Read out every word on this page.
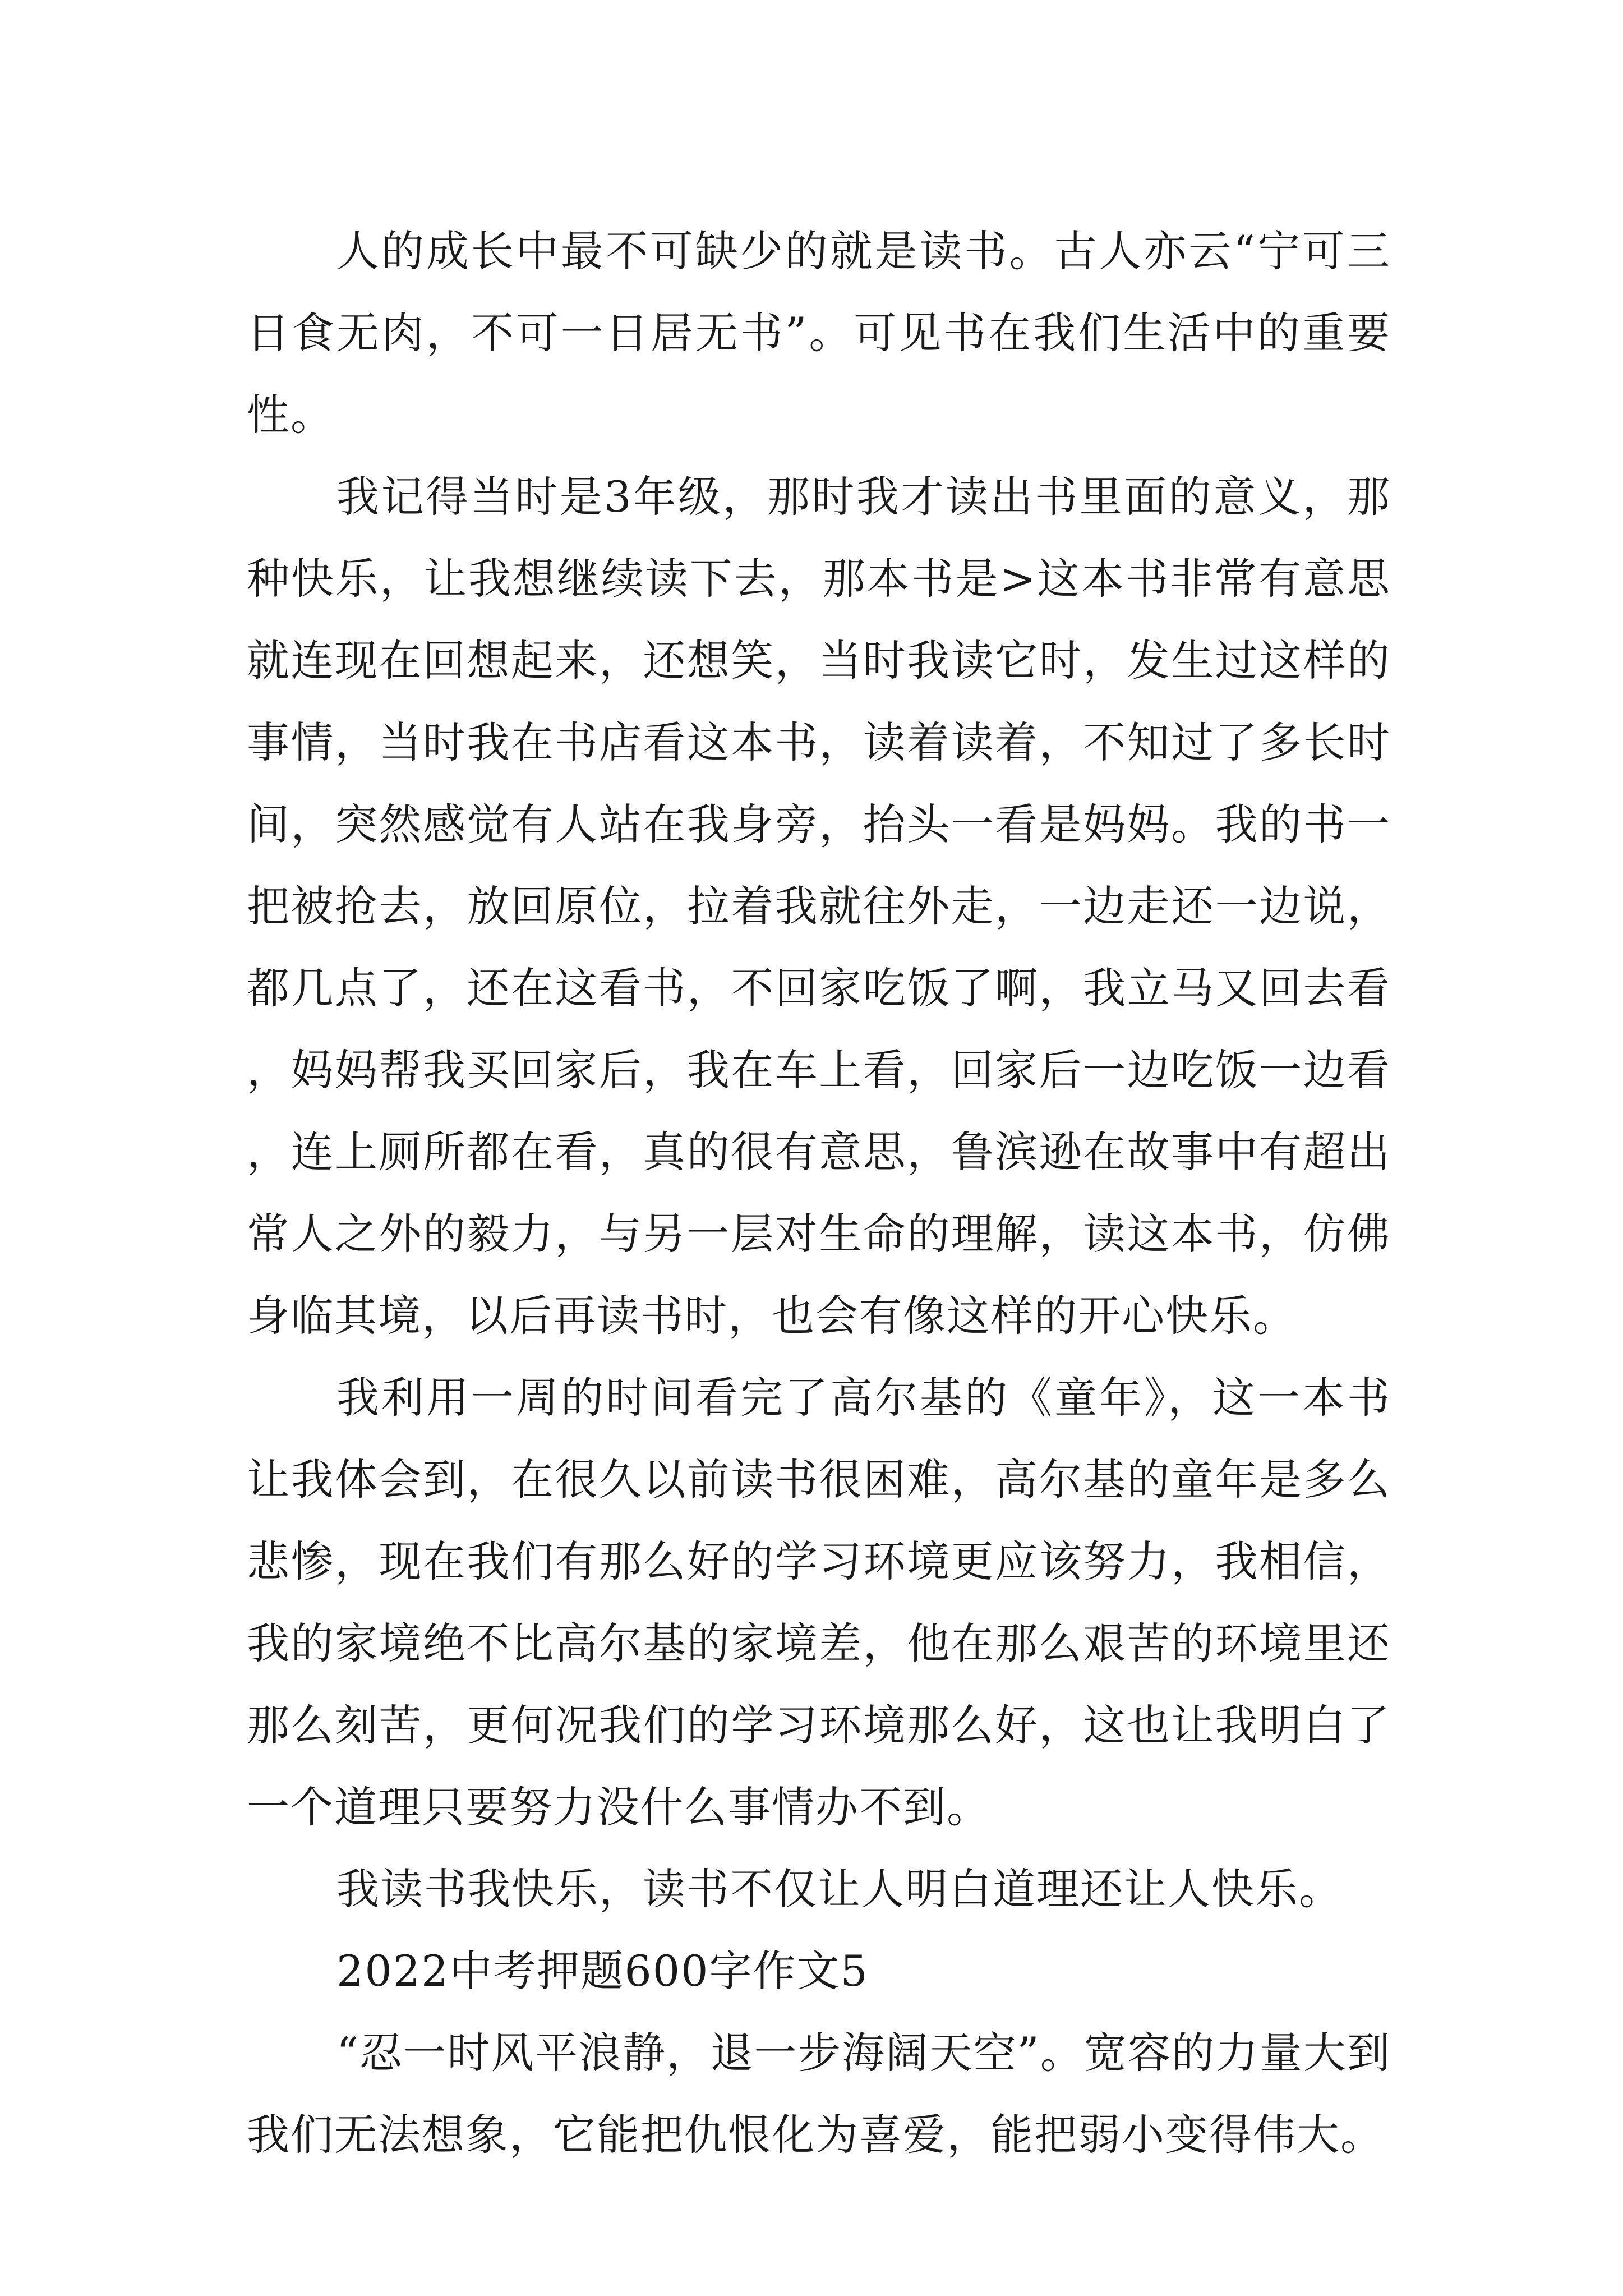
人的成长中最不可缺少的就是读书。古人亦云“宁可三日食无肉，不可一日居无书”。可见书在我们生活中的重要性。

我记得当时是3年级，那时我才读出书里面的意义，那种快乐，让我想继续读下去，那本书是>这本书非常有意思就连现在回想起来，还想笑，当时我读它时，发生过这样的事情，当时我在书店看这本书，读着读着，不知过了多长时间，突然感觉有人站在我身旁，抬头一看是妈妈。我的书一把被抢去，放回原位，拉着我就往外走，一边走还一边说，都几点了，还在这看书，不回家吃饭了啊，我立马又回去看，妈妈帮我买回家后，我在车上看，回家后一边吃饭一边看，连上厕所都在看，真的很有意思，鲁滨逊在故事中有超出常人之外的毅力，与另一层对生命的理解，读这本书，仿佛身临其境，以后再读书时，也会有像这样的开心快乐。

我利用一周的时间看完了高尔基的《童年》，这一本书让我体会到，在很久以前读书很困难，高尔基的童年是多么悲惨，现在我们有那么好的学习环境更应该努力，我相信，我的家境绝不比高尔基的家境差，他在那么艰苦的环境里还那么刻苦，更何况我们的学习环境那么好，这也让我明白了一个道理只要努力没什么事情办不到。

我读书我快乐，读书不仅让人明白道理还让人快乐。

2022中考押题600字作文5

“忍一时风平浪静，退一步海阔天空”。宽容的力量大到我们无法想象，它能把仇恨化为喜爱，能把弱小变得伟大。
